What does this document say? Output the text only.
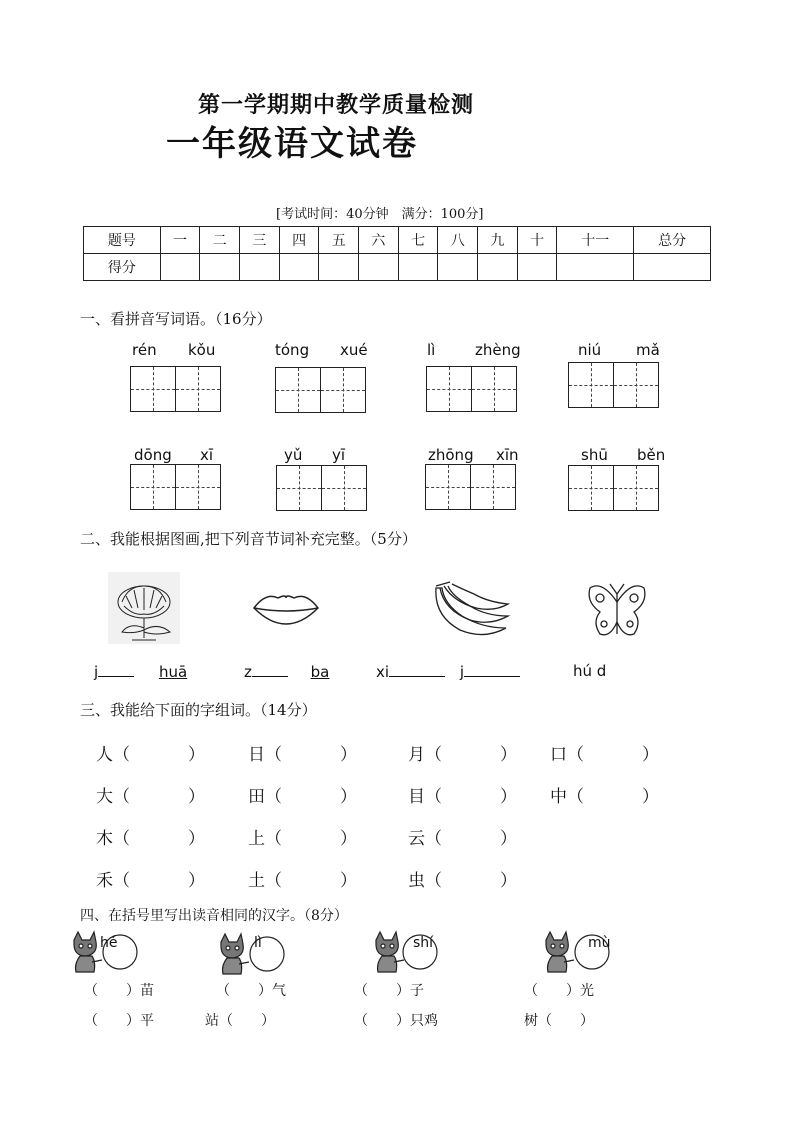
第一学期期中教学质量检测
一年级语文试卷
[考试时间：40分钟　满分：100分]
题号	一	二	三	四	五	六	七	八	九	十	十一	总分
得分												
一、看拼音写词语。（16分）
rén kǒu	tóng xué	lì	zhèng	niú mǎ
dōng xī	yǔ yī	zhōng xīn	shū běn
二、我能根据图画,把下列音节词补充完整。（5分）
j	huā	z	ba	xi	j	hú d
三、我能给下面的字组词。（14分）
人（	）	日（	）	月（	） 口（	）
大（	）	田（	）	目（	） 中（	）
木（	）	上（	）	云（	）
禾（	）	土（	）	虫（	）
四、在括号里写出读音相同的汉字。（8分）
hé	lì	shí	mù
（　　）苗	（　　）气	（　　）子	（　　）光
（　　）平	站（　　）	（　　）只鸡	树（　　）
